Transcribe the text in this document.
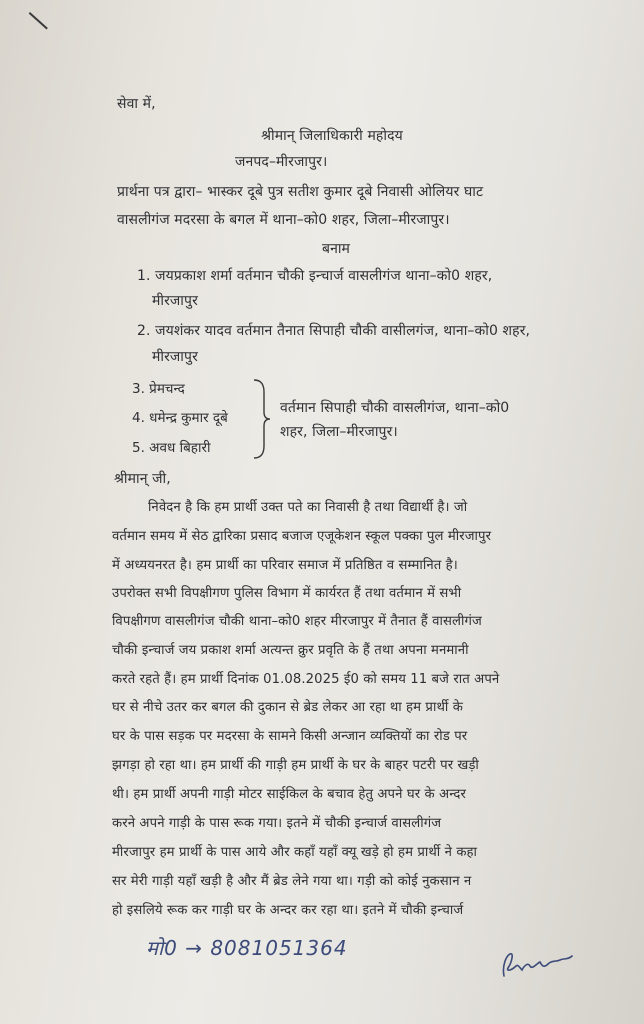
सेवा में,
श्रीमान् जिलाधिकारी महोदय
जनपद–मीरजापुर।
प्रार्थना पत्र द्वारा– भास्कर दूबे पुत्र सतीश कुमार दूबे निवासी ओलियर घाट
वासलीगंज मदरसा के बगल में थाना–को0 शहर, जिला–मीरजापुर।
बनाम
1. जयप्रकाश शर्मा वर्तमान चौकी इन्चार्ज वासलीगंज थाना–को0 शहर,
मीरजापुर
2. जयशंकर यादव वर्तमान तैनात सिपाही चौकी वासीलगंज, थाना–को0 शहर,
मीरजापुर
3. प्रेमचन्द
4. धमेन्द्र कुमार दूबे
5. अवध बिहारी
वर्तमान सिपाही चौकी वासलीगंज, थाना–को0
शहर, जिला–मीरजापुर।
श्रीमान् जी,
निवेदन है कि हम प्रार्थी उक्त पते का निवासी है तथा विद्यार्थी है। जो
वर्तमान समय में सेठ द्वारिका प्रसाद बजाज एजूकेशन स्कूल पक्का पुल मीरजापुर
में अध्ययनरत है। हम प्रार्थी का परिवार समाज में प्रतिष्ठित व सम्मानित है।
उपरोक्त सभी विपक्षीगण पुलिस विभाग में कार्यरत हैं तथा वर्तमान में सभी
विपक्षीगण वासलीगंज चौकी थाना–को0 शहर मीरजापुर में तैनात हैं वासलीगंज
चौकी इन्चार्ज जय प्रकाश शर्मा अत्यन्त क्रुर प्रवृति के हैं तथा अपना मनमानी
करते रहते हैं। हम प्रार्थी दिनांक 01.08.2025 ई0 को समय 11 बजे रात अपने
घर से नीचे उतर कर बगल की दुकान से ब्रेड लेकर आ रहा था हम प्रार्थी के
घर के पास सड़क पर मदरसा के सामने किसी अन्जान व्यक्तियों का रोड पर
झगड़ा हो रहा था। हम प्रार्थी की गाड़ी हम प्रार्थी के घर के बाहर पटरी पर खड़ी
थी। हम प्रार्थी अपनी गाड़ी मोटर साईकिल के बचाव हेतु अपने घर के अन्दर
करने अपने गाड़ी के पास रूक गया। इतने में चौकी इन्चार्ज वासलीगंज
मीरजापुर हम प्रार्थी के पास आये और कहाँ यहाँ क्यू खड़े हो हम प्रार्थी ने कहा
सर मेरी गाड़ी यहाँ खड़ी है और मैं ब्रेड लेने गया था। गड़ी को कोई नुकसान न
हो इसलिये रूक कर गाड़ी घर के अन्दर कर रहा था। इतने में चौकी इन्चार्ज
मो0 → 8081051364
